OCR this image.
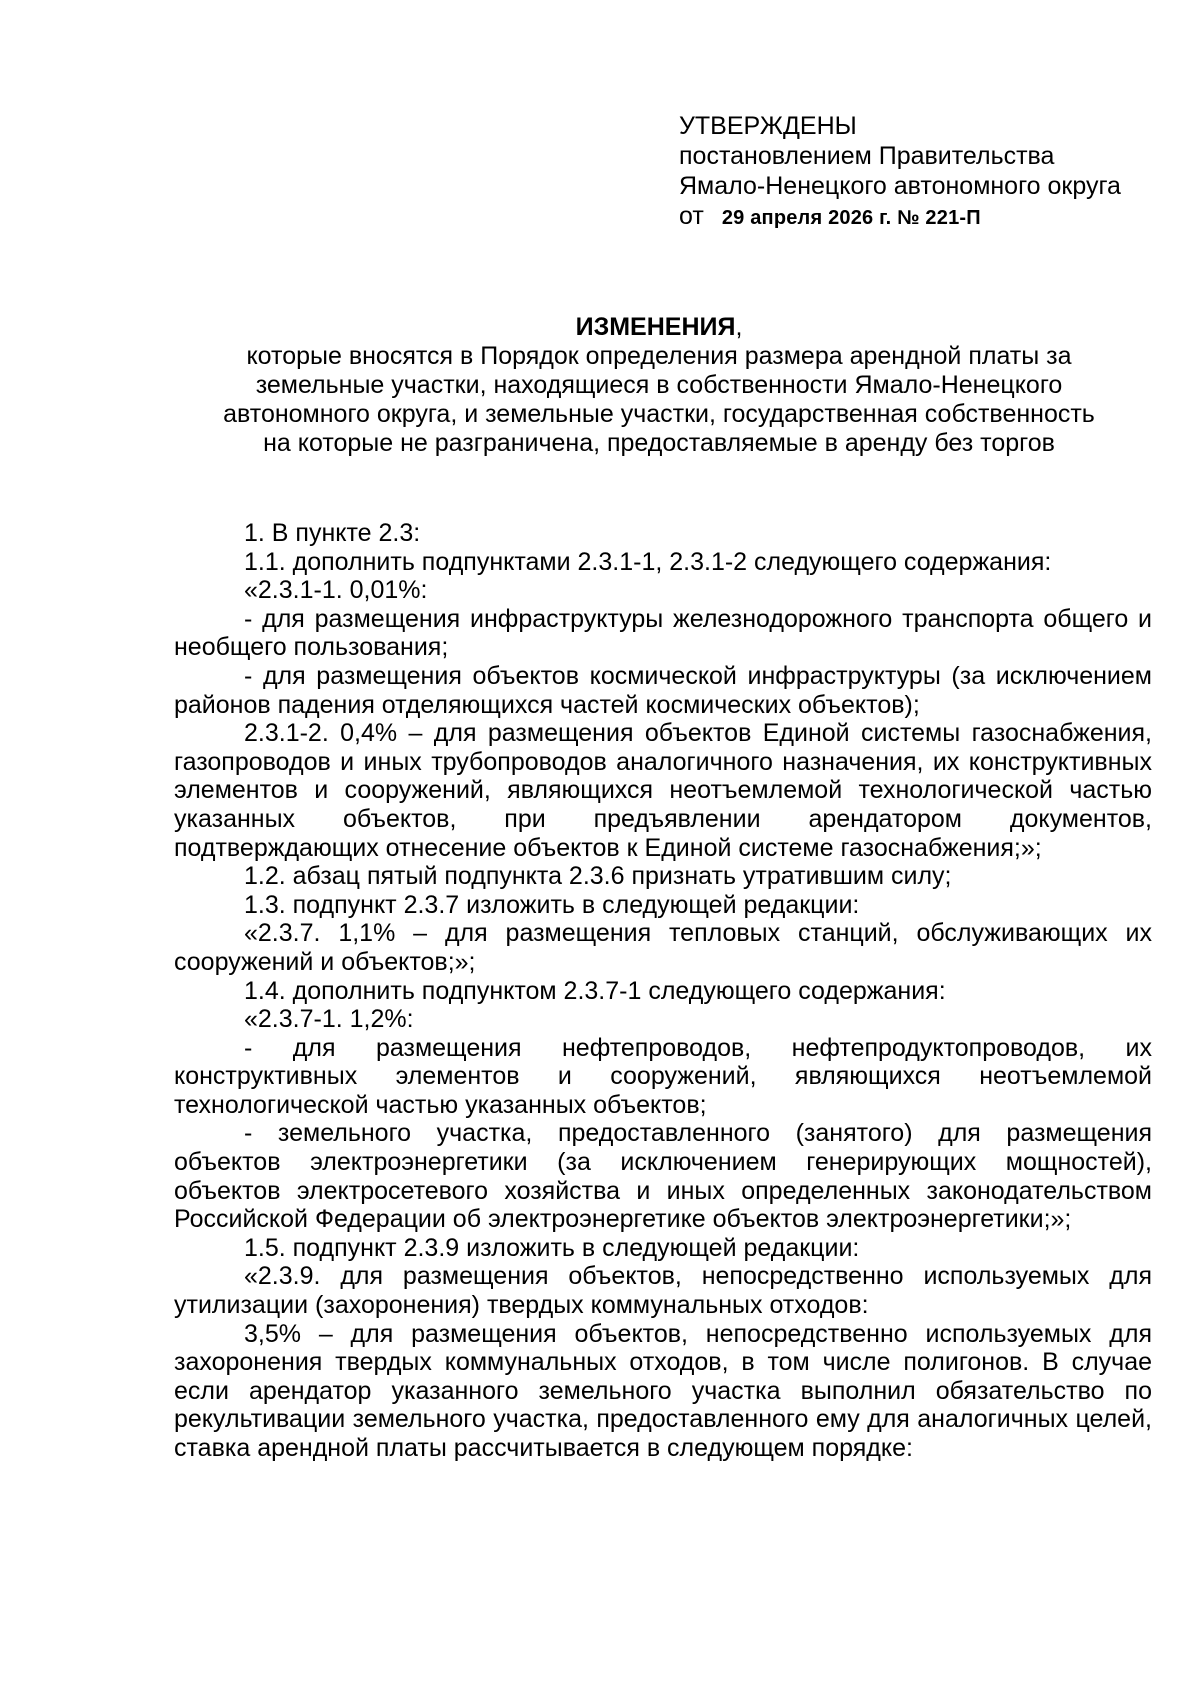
УТВЕРЖДЕНЫ

постановлением Правительства

Ямало-Ненецкого автономного округа

от 29 апреля 2026 г. № 221-П

ИЗМЕНЕНИЯ,

которые вносятся в Порядок определения размера арендной платы за

земельные участки, находящиеся в собственности Ямало-Ненецкого

автономного округа, и земельные участки, государственная собственность

на которые не разграничена, предоставляемые в аренду без торгов

1. В пункте 2.3:

1.1. дополнить подпунктами 2.3.1-1, 2.3.1-2 следующего содержания:

«2.3.1-1. 0,01%:

- для размещения инфраструктуры железнодорожного транспорта общего и необщего пользования;

- для размещения объектов космической инфраструктуры (за исключением районов падения отделяющихся частей космических объектов);

2.3.1-2. 0,4% – для размещения объектов Единой системы газоснабжения, газопроводов и иных трубопроводов аналогичного назначения, их конструктивных элементов и сооружений, являющихся неотъемлемой технологической частью указанных объектов, при предъявлении арендатором документов, подтверждающих отнесение объектов к Единой системе газоснабжения;»;

1.2. абзац пятый подпункта 2.3.6 признать утратившим силу;

1.3. подпункт 2.3.7 изложить в следующей редакции:

«2.3.7. 1,1% – для размещения тепловых станций, обслуживающих их сооружений и объектов;»;

1.4. дополнить подпунктом 2.3.7-1 следующего содержания:

«2.3.7-1. 1,2%:

- для размещения нефтепроводов, нефтепродуктопроводов, их конструктивных элементов и сооружений, являющихся неотъемлемой технологической частью указанных объектов;

- земельного участка, предоставленного (занятого) для размещения объектов электроэнергетики (за исключением генерирующих мощностей), объектов электросетевого хозяйства и иных определенных законодательством Российской Федерации об электроэнергетике объектов электроэнергетики;»;

1.5. подпункт 2.3.9 изложить в следующей редакции:

«2.3.9. для размещения объектов, непосредственно используемых для утилизации (захоронения) твердых коммунальных отходов:

3,5% – для размещения объектов, непосредственно используемых для захоронения твердых коммунальных отходов, в том числе полигонов. В случае если арендатор указанного земельного участка выполнил обязательство по рекультивации земельного участка, предоставленного ему для аналогичных целей, ставка арендной платы рассчитывается в следующем порядке:
